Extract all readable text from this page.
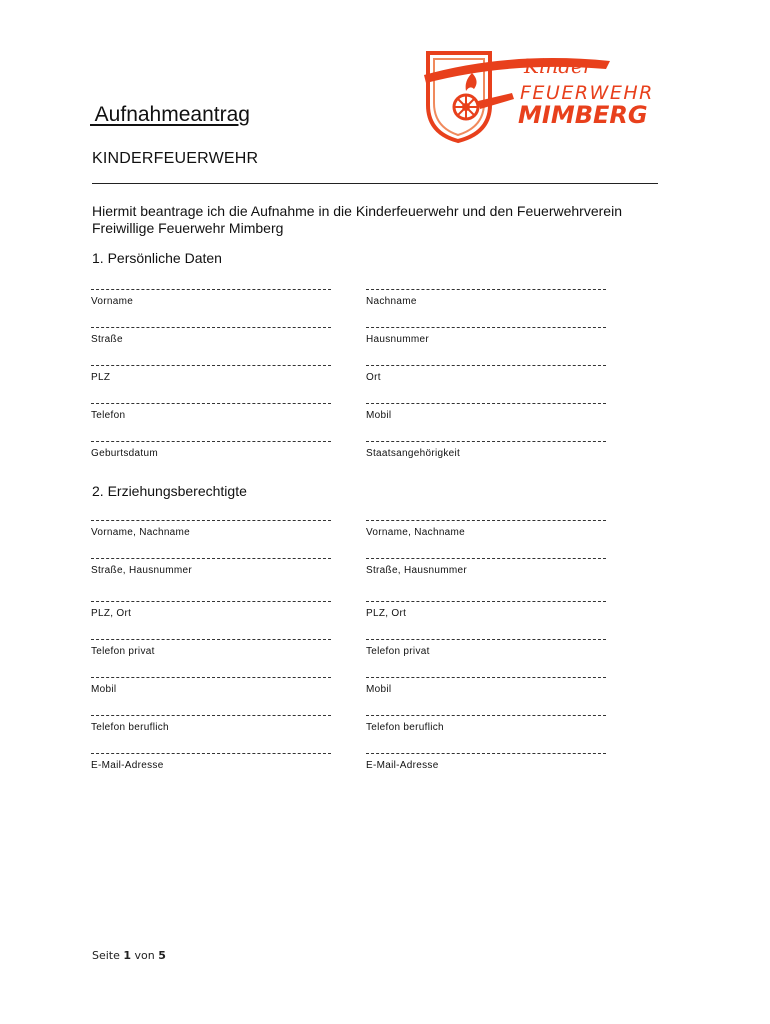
Aufnahmeantrag
KINDERFEUERWEHR
Hiermit beantrage ich die Aufnahme in die Kinderfeuerwehr und den Feuerwehrverein
Freiwillige Feuerwehr Mimberg
Kinder
FEUERWEHR
MIMBERG
1. Persönliche Daten
Vorname
Straße
PLZ
Telefon
Geburtsdatum
Nachname
Hausnummer
Ort
Mobil
Staatsangehörigkeit
2. Erziehungsberechtigte
Vorname, Nachname
Straße, Hausnummer
PLZ, Ort
Telefon privat
Mobil
Telefon beruflich
E-Mail-Adresse
Vorname, Nachname
Straße, Hausnummer
PLZ, Ort
Telefon privat
Mobil
Telefon beruflich
E-Mail-Adresse
Seite 1 von 5
